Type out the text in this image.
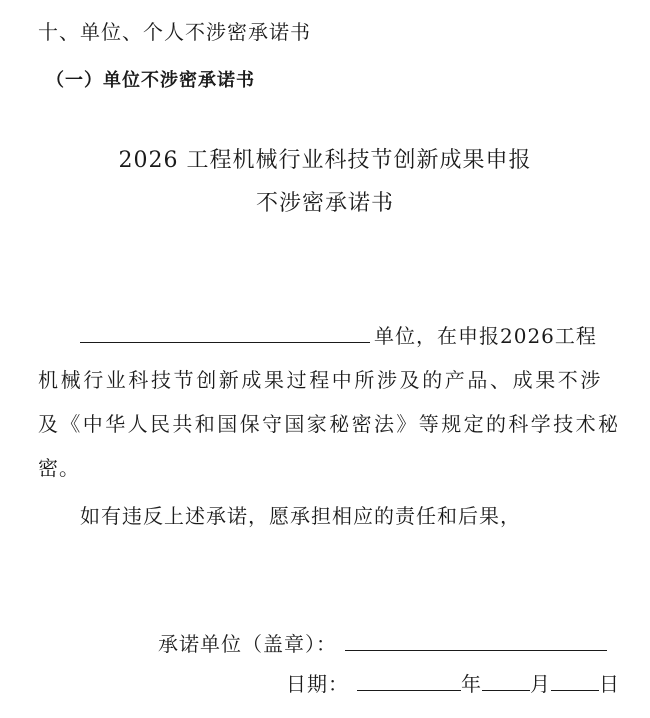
十、单位、个人不涉密承诺书
（一）单位不涉密承诺书
2026 工程机械行业科技节创新成果申报
不涉密承诺书
单位，在申报2026工程
机械行业科技节创新成果过程中所涉及的产品、成果不涉
及《中华人民共和国保守国家秘密法》等规定的科学技术秘
密。
如有违反上述承诺，愿承担相应的责任和后果，
承诺单位（盖章）：
日期：	年 月 日
